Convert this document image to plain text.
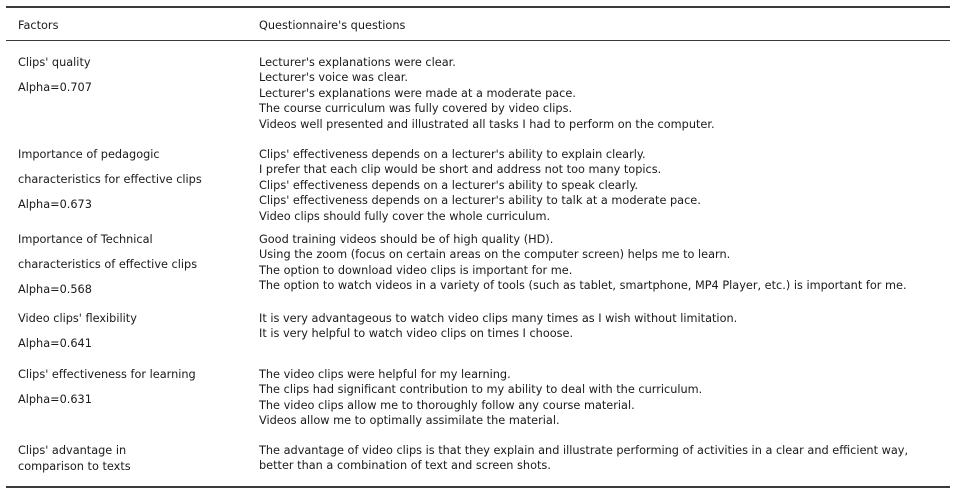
Factors	Questionnaire's questions
Clips' quality
Alpha=0.707
Lecturer's explanations were clear.
Lecturer's voice was clear.
Lecturer's explanations were made at a moderate pace.
The course curriculum was fully covered by video clips.
Videos well presented and illustrated all tasks I had to perform on the computer.
Importance of pedagogic
characteristics for effective clips
Alpha=0.673
Clips' effectiveness depends on a lecturer's ability to explain clearly.
I prefer that each clip would be short and address not too many topics.
Clips' effectiveness depends on a lecturer's ability to speak clearly.
Clips' effectiveness depends on a lecturer's ability to talk at a moderate pace.
Video clips should fully cover the whole curriculum.
Importance of Technical
characteristics of effective clips
Alpha=0.568
Good training videos should be of high quality (HD).
Using the zoom (focus on certain areas on the computer screen) helps me to learn.
The option to download video clips is important for me.
The option to watch videos in a variety of tools (such as tablet, smartphone, MP4 Player, etc.) is important for me.
Video clips' flexibility
Alpha=0.641
It is very advantageous to watch video clips many times as I wish without limitation.
It is very helpful to watch video clips on times I choose.
Clips' effectiveness for learning
Alpha=0.631
The video clips were helpful for my learning.
The clips had significant contribution to my ability to deal with the curriculum.
The video clips allow me to thoroughly follow any course material.
Videos allow me to optimally assimilate the material.
Clips' advantage in
comparison to texts
The advantage of video clips is that they explain and illustrate performing of activities in a clear and efficient way,
better than a combination of text and screen shots.
